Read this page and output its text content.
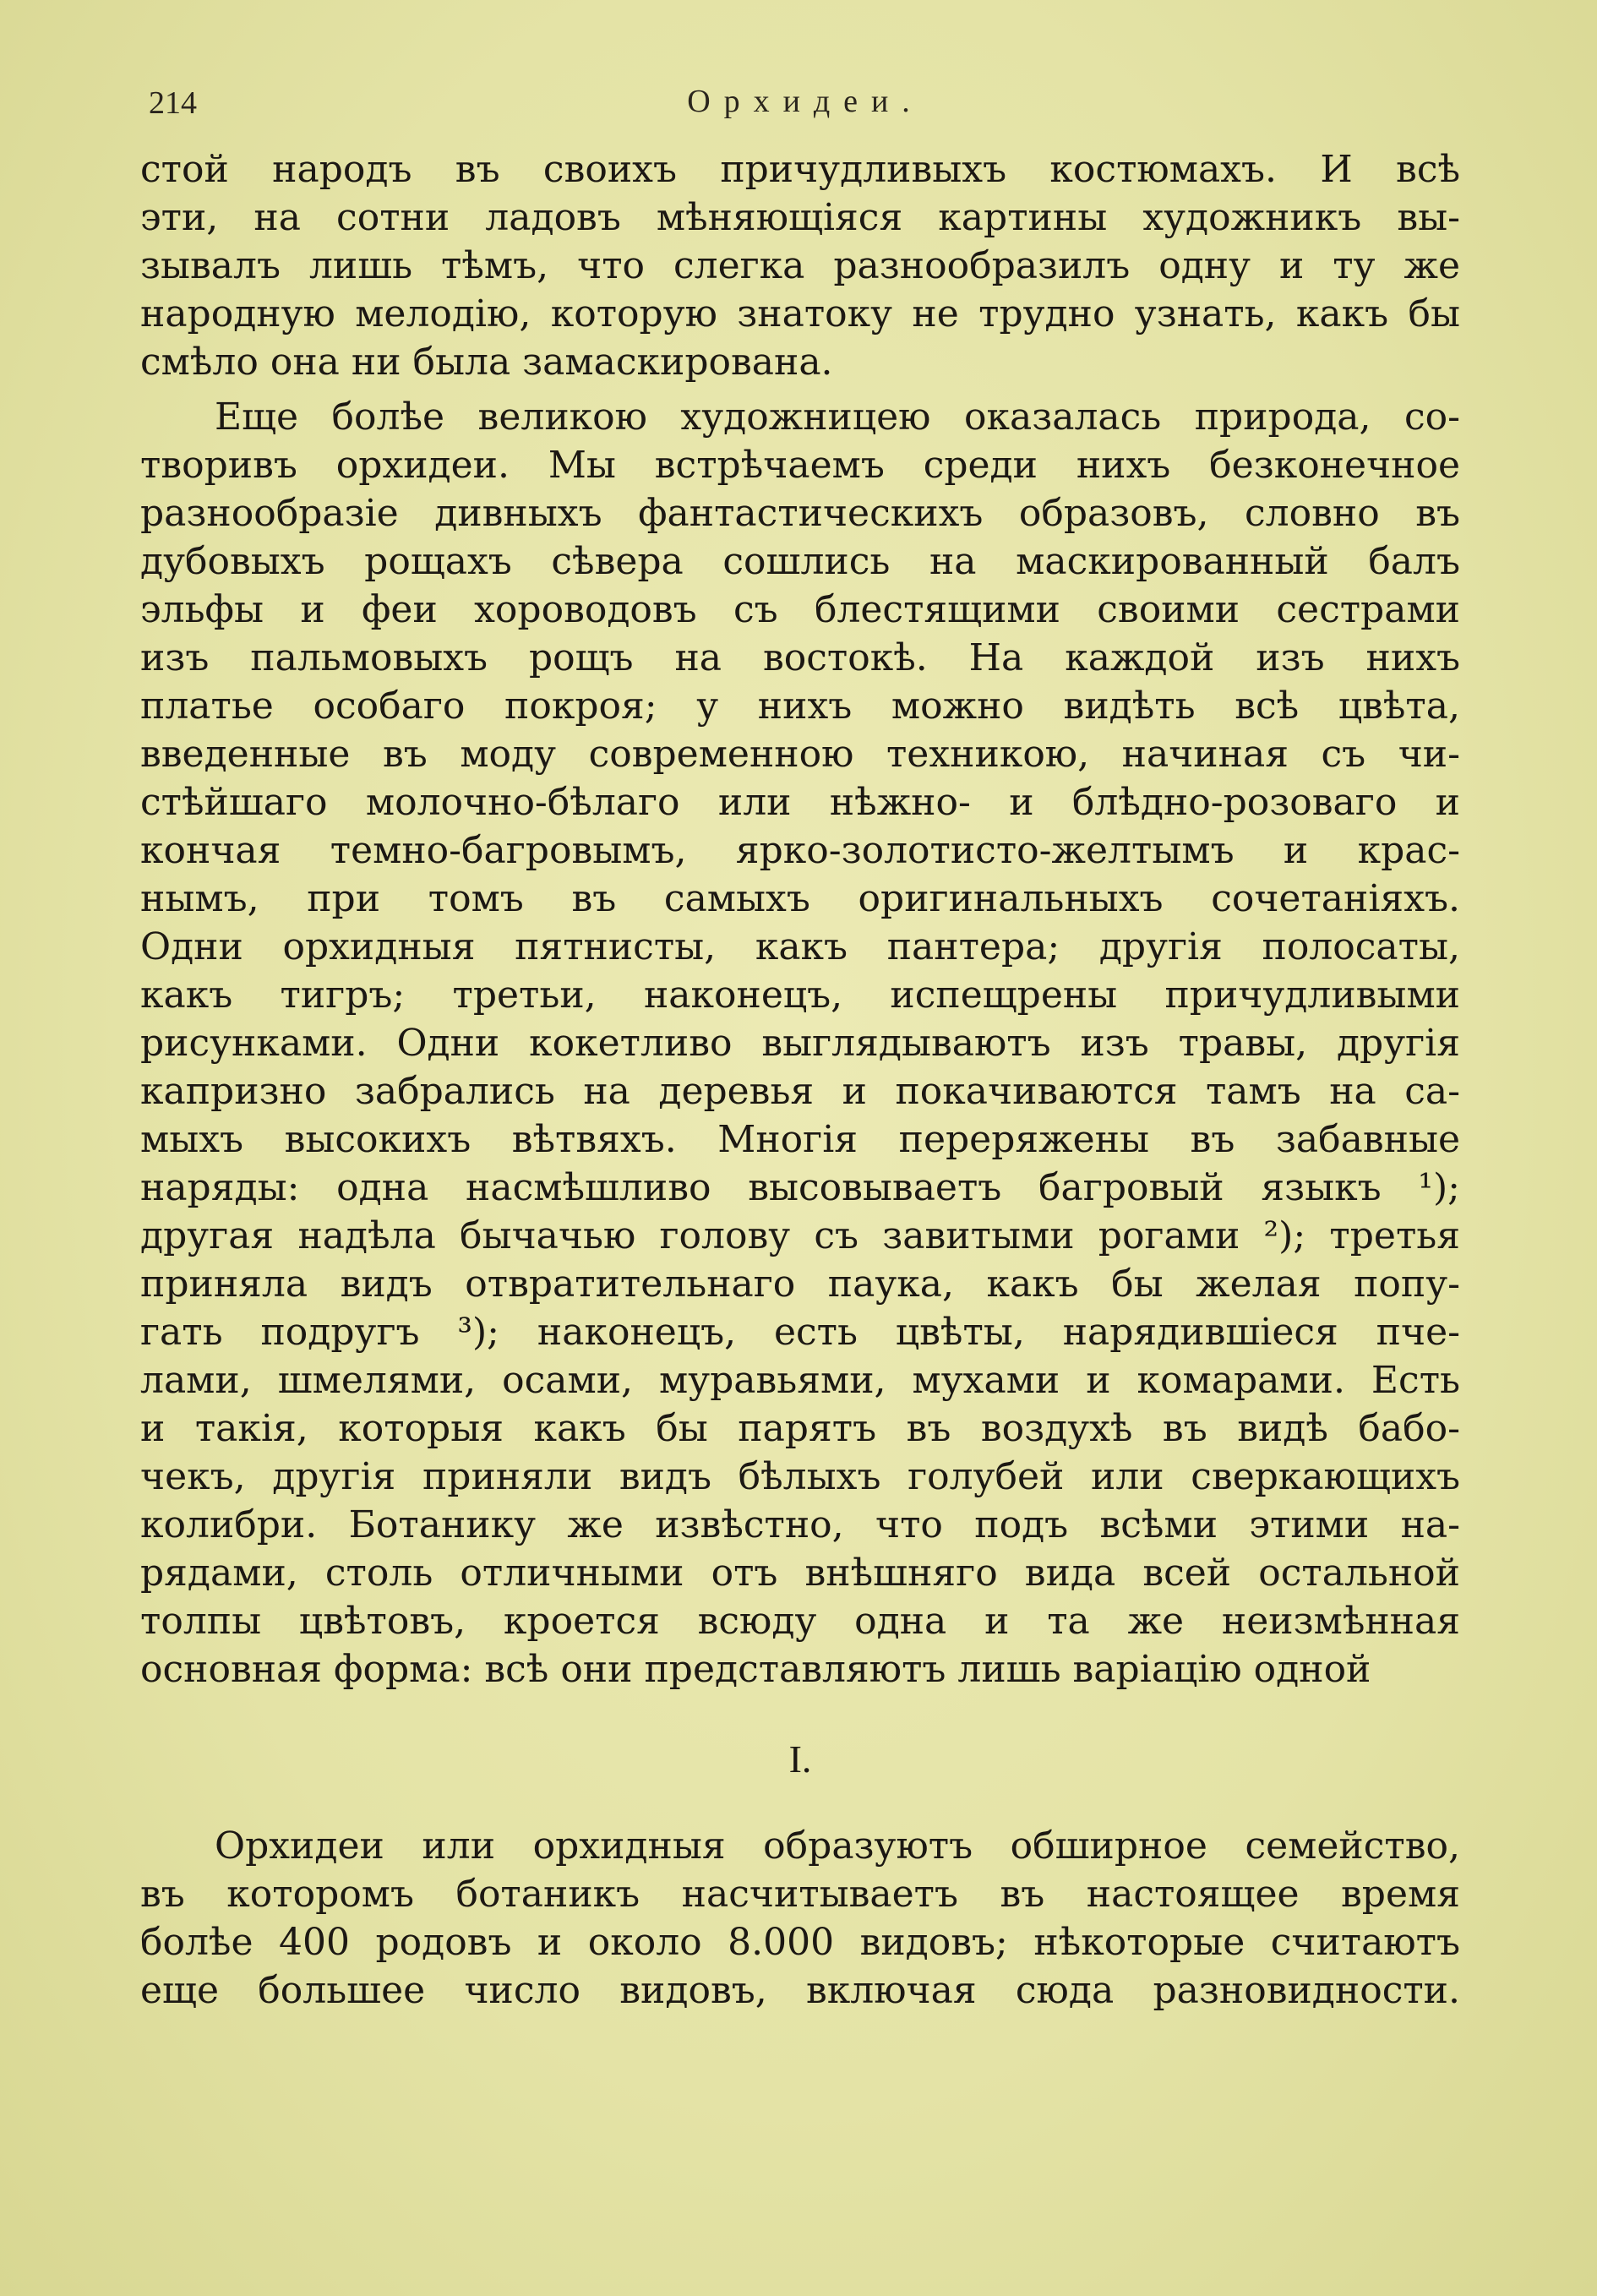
214	Орхидеи.
стой народъ въ своихъ причудливыхъ костюмахъ. И всѣ
эти, на сотни ладовъ мѣняющіяся картины художникъ вы-
зывалъ лишь тѣмъ, что слегка разнообразилъ одну и ту же
народную мелодію, которую знатоку не трудно узнать, какъ бы
смѣло она ни была замаскирована.
Еще болѣе великою художницею оказалась природа, со-
творивъ орхидеи. Мы встрѣчаемъ среди нихъ безконечное
разнообразіе дивныхъ фантастическихъ образовъ, словно въ
дубовыхъ рощахъ сѣвера сошлись на маскированный балъ
эльфы и феи хороводовъ съ блестящими своими сестрами
изъ пальмовыхъ рощъ на востокѣ. На каждой изъ нихъ
платье особаго покроя; у нихъ можно видѣть всѣ цвѣта,
введенные въ моду современною техникою, начиная съ чи-
стѣйшаго молочно-бѣлаго или нѣжно- и блѣдно-розоваго и
кончая темно-багровымъ, ярко-золотисто-желтымъ и крас-
нымъ, при томъ въ самыхъ оригинальныхъ сочетаніяхъ.
Одни орхидныя пятнисты, какъ пантера; другія полосаты,
какъ тигръ; третьи, наконецъ, испещрены причудливыми
рисунками. Одни кокетливо выглядываютъ изъ травы, другія
капризно забрались на деревья и покачиваются тамъ на са-
мыхъ высокихъ вѣтвяхъ. Многія переряжены въ забавные
наряды: одна насмѣшливо высовываетъ багровый языкъ ¹);
другая надѣла бычачью голову съ завитыми рогами ²); третья
приняла видъ отвратительнаго паука, какъ бы желая попу-
гать подругъ ³); наконецъ, есть цвѣты, нарядившіеся пче-
лами, шмелями, осами, муравьями, мухами и комарами. Есть
и такія, которыя какъ бы парятъ въ воздухѣ въ видѣ бабо-
чекъ, другія приняли видъ бѣлыхъ голубей или сверкающихъ
колибри. Ботанику же извѣстно, что подъ всѣми этими на-
рядами, столь отличными отъ внѣшняго вида всей остальной
толпы цвѣтовъ, кроется всюду одна и та же неизмѣнная
основная форма: всѣ они представляютъ лишь варіацію одной
I.
Орхидеи или орхидныя образуютъ обширное семейство,
въ которомъ ботаникъ насчитываетъ въ настоящее время
болѣе 400 родовъ и около 8.000 видовъ; нѣкоторые считаютъ
еще большее число видовъ, включая сюда разновидности.
